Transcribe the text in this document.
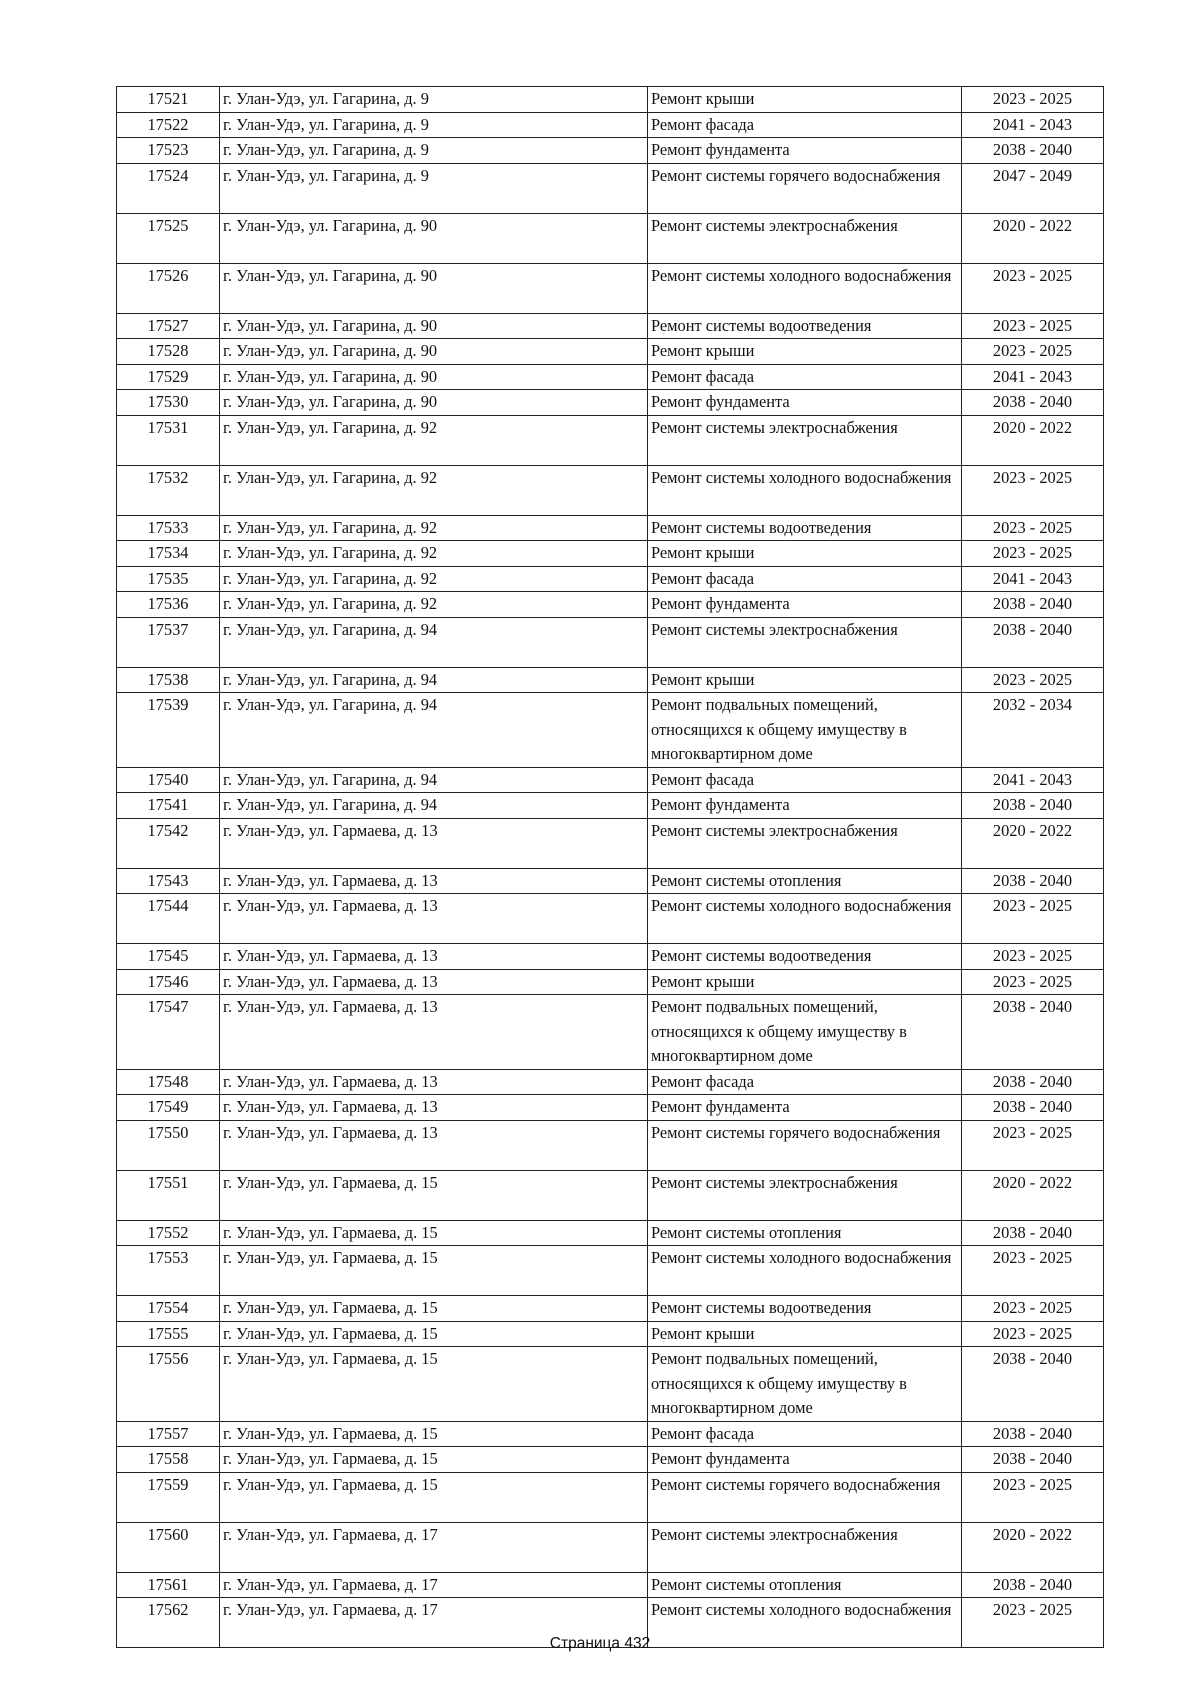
17521	г. Улан-Удэ, ул. Гагарина, д. 9	Ремонт крыши	2023 - 2025
17522	г. Улан-Удэ, ул. Гагарина, д. 9	Ремонт фасада	2041 - 2043
17523	г. Улан-Удэ, ул. Гагарина, д. 9	Ремонт фундамента	2038 - 2040
17524	г. Улан-Удэ, ул. Гагарина, д. 9	Ремонт системы горячего водоснабжения	2047 - 2049
17525	г. Улан-Удэ, ул. Гагарина, д. 90	Ремонт системы электроснабжения	2020 - 2022
17526	г. Улан-Удэ, ул. Гагарина, д. 90	Ремонт системы холодного водоснабжения	2023 - 2025
17527	г. Улан-Удэ, ул. Гагарина, д. 90	Ремонт системы водоотведения	2023 - 2025
17528	г. Улан-Удэ, ул. Гагарина, д. 90	Ремонт крыши	2023 - 2025
17529	г. Улан-Удэ, ул. Гагарина, д. 90	Ремонт фасада	2041 - 2043
17530	г. Улан-Удэ, ул. Гагарина, д. 90	Ремонт фундамента	2038 - 2040
17531	г. Улан-Удэ, ул. Гагарина, д. 92	Ремонт системы электроснабжения	2020 - 2022
17532	г. Улан-Удэ, ул. Гагарина, д. 92	Ремонт системы холодного водоснабжения	2023 - 2025
17533	г. Улан-Удэ, ул. Гагарина, д. 92	Ремонт системы водоотведения	2023 - 2025
17534	г. Улан-Удэ, ул. Гагарина, д. 92	Ремонт крыши	2023 - 2025
17535	г. Улан-Удэ, ул. Гагарина, д. 92	Ремонт фасада	2041 - 2043
17536	г. Улан-Удэ, ул. Гагарина, д. 92	Ремонт фундамента	2038 - 2040
17537	г. Улан-Удэ, ул. Гагарина, д. 94	Ремонт системы электроснабжения	2038 - 2040
17538	г. Улан-Удэ, ул. Гагарина, д. 94	Ремонт крыши	2023 - 2025
17539	г. Улан-Удэ, ул. Гагарина, д. 94	Ремонт подвальных помещений, относящихся к общему имуществу в многоквартирном доме	2032 - 2034
17540	г. Улан-Удэ, ул. Гагарина, д. 94	Ремонт фасада	2041 - 2043
17541	г. Улан-Удэ, ул. Гагарина, д. 94	Ремонт фундамента	2038 - 2040
17542	г. Улан-Удэ, ул. Гармаева, д. 13	Ремонт системы электроснабжения	2020 - 2022
17543	г. Улан-Удэ, ул. Гармаева, д. 13	Ремонт системы отопления	2038 - 2040
17544	г. Улан-Удэ, ул. Гармаева, д. 13	Ремонт системы холодного водоснабжения	2023 - 2025
17545	г. Улан-Удэ, ул. Гармаева, д. 13	Ремонт системы водоотведения	2023 - 2025
17546	г. Улан-Удэ, ул. Гармаева, д. 13	Ремонт крыши	2023 - 2025
17547	г. Улан-Удэ, ул. Гармаева, д. 13	Ремонт подвальных помещений, относящихся к общему имуществу в многоквартирном доме	2038 - 2040
17548	г. Улан-Удэ, ул. Гармаева, д. 13	Ремонт фасада	2038 - 2040
17549	г. Улан-Удэ, ул. Гармаева, д. 13	Ремонт фундамента	2038 - 2040
17550	г. Улан-Удэ, ул. Гармаева, д. 13	Ремонт системы горячего водоснабжения	2023 - 2025
17551	г. Улан-Удэ, ул. Гармаева, д. 15	Ремонт системы электроснабжения	2020 - 2022
17552	г. Улан-Удэ, ул. Гармаева, д. 15	Ремонт системы отопления	2038 - 2040
17553	г. Улан-Удэ, ул. Гармаева, д. 15	Ремонт системы холодного водоснабжения	2023 - 2025
17554	г. Улан-Удэ, ул. Гармаева, д. 15	Ремонт системы водоотведения	2023 - 2025
17555	г. Улан-Удэ, ул. Гармаева, д. 15	Ремонт крыши	2023 - 2025
17556	г. Улан-Удэ, ул. Гармаева, д. 15	Ремонт подвальных помещений, относящихся к общему имуществу в многоквартирном доме	2038 - 2040
17557	г. Улан-Удэ, ул. Гармаева, д. 15	Ремонт фасада	2038 - 2040
17558	г. Улан-Удэ, ул. Гармаева, д. 15	Ремонт фундамента	2038 - 2040
17559	г. Улан-Удэ, ул. Гармаева, д. 15	Ремонт системы горячего водоснабжения	2023 - 2025
17560	г. Улан-Удэ, ул. Гармаева, д. 17	Ремонт системы электроснабжения	2020 - 2022
17561	г. Улан-Удэ, ул. Гармаева, д. 17	Ремонт системы отопления	2038 - 2040
17562	г. Улан-Удэ, ул. Гармаева, д. 17	Ремонт системы холодного водоснабжения	2023 - 2025
Страница 432
